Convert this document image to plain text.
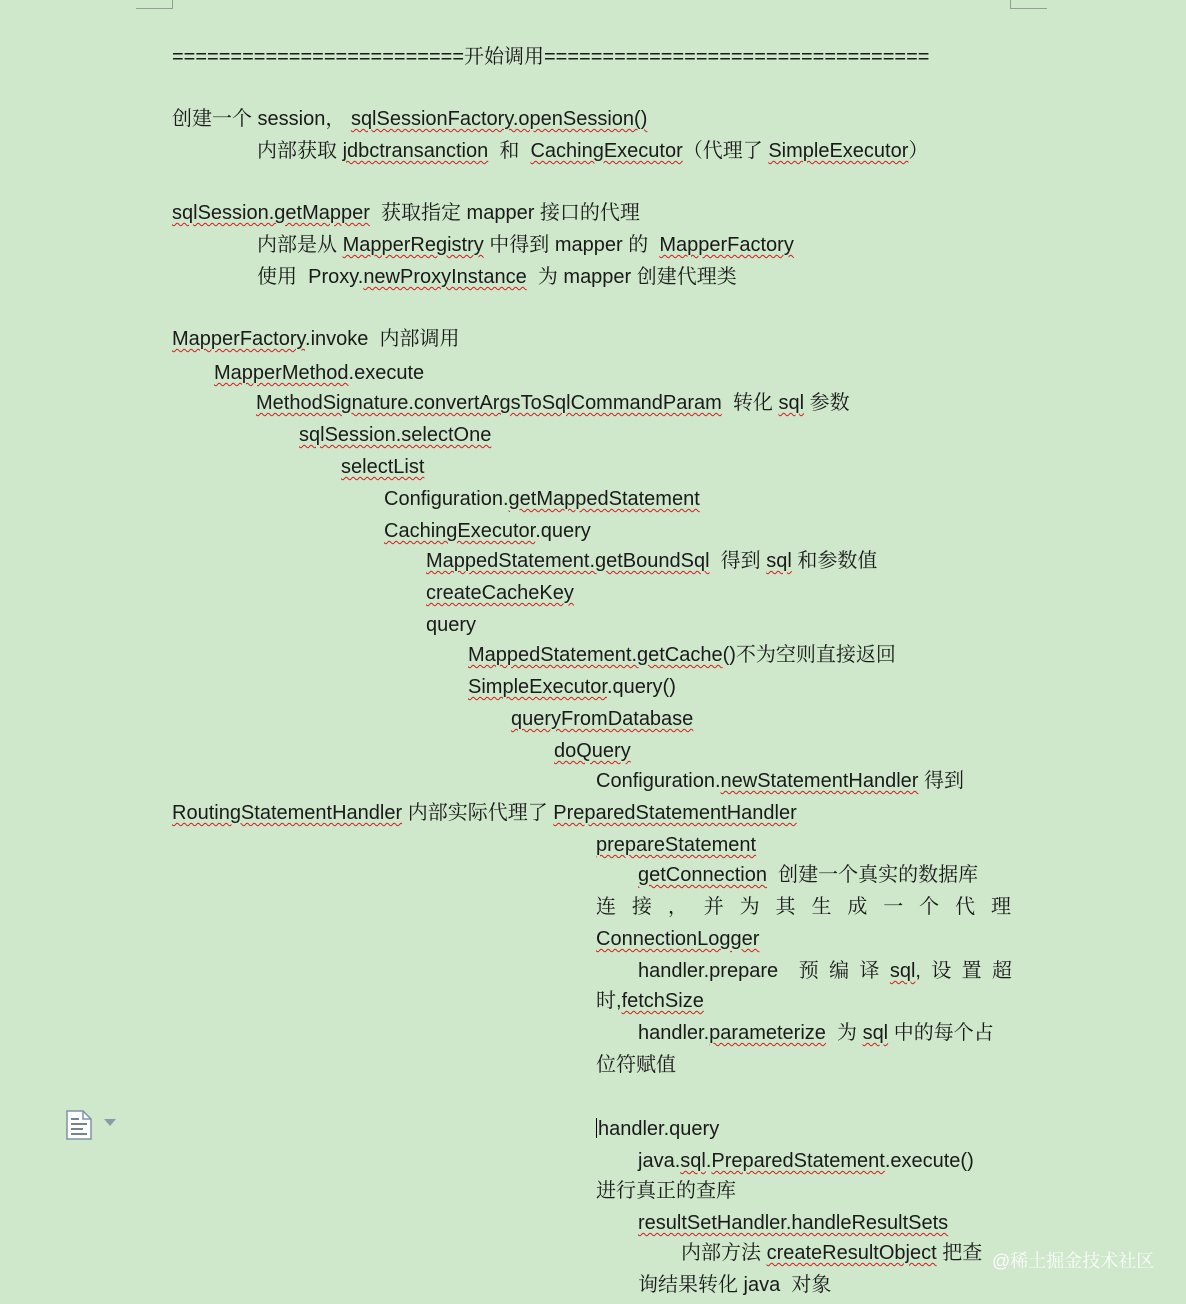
=========================开始调用=================================
创建一个 session， sqlSessionFactory.openSession()
内部获取 jdbctransanction  和  CachingExecutor（代理了 SimpleExecutor）
sqlSession.getMapper  获取指定 mapper 接口的代理
内部是从 MapperRegistry 中得到 mapper 的  MapperFactory
使用  Proxy.newProxyInstance  为 mapper 创建代理类
MapperFactory.invoke  内部调用
MapperMethod.execute
MethodSignature.convertArgsToSqlCommandParam  转化 sql 参数
sqlSession.selectOne
selectList
Configuration.getMappedStatement
CachingExecutor.query
MappedStatement.getBoundSql  得到 sql 和参数值
createCacheKey
query
MappedStatement.getCache()不为空则直接返回
SimpleExecutor.query()
queryFromDatabase
doQuery
Configuration.newStatementHandler 得到
RoutingStatementHandler 内部实际代理了 PreparedStatementHandler
prepareStatement
getConnection  创建一个真实的数据库
连 接 ， 并 为 其 生 成 一 个 代 理
ConnectionLogger
handler.prepare 预 编 译 sql, 设 置 超
时,fetchSize
handler.parameterize  为 sql 中的每个占
位符赋值
handler.query
java.sql.PreparedStatement.execute()
进行真正的查库
resultSetHandler.handleResultSets
内部方法 createResultObject 把查
询结果转化 java  对象
@稀土掘金技术社区
